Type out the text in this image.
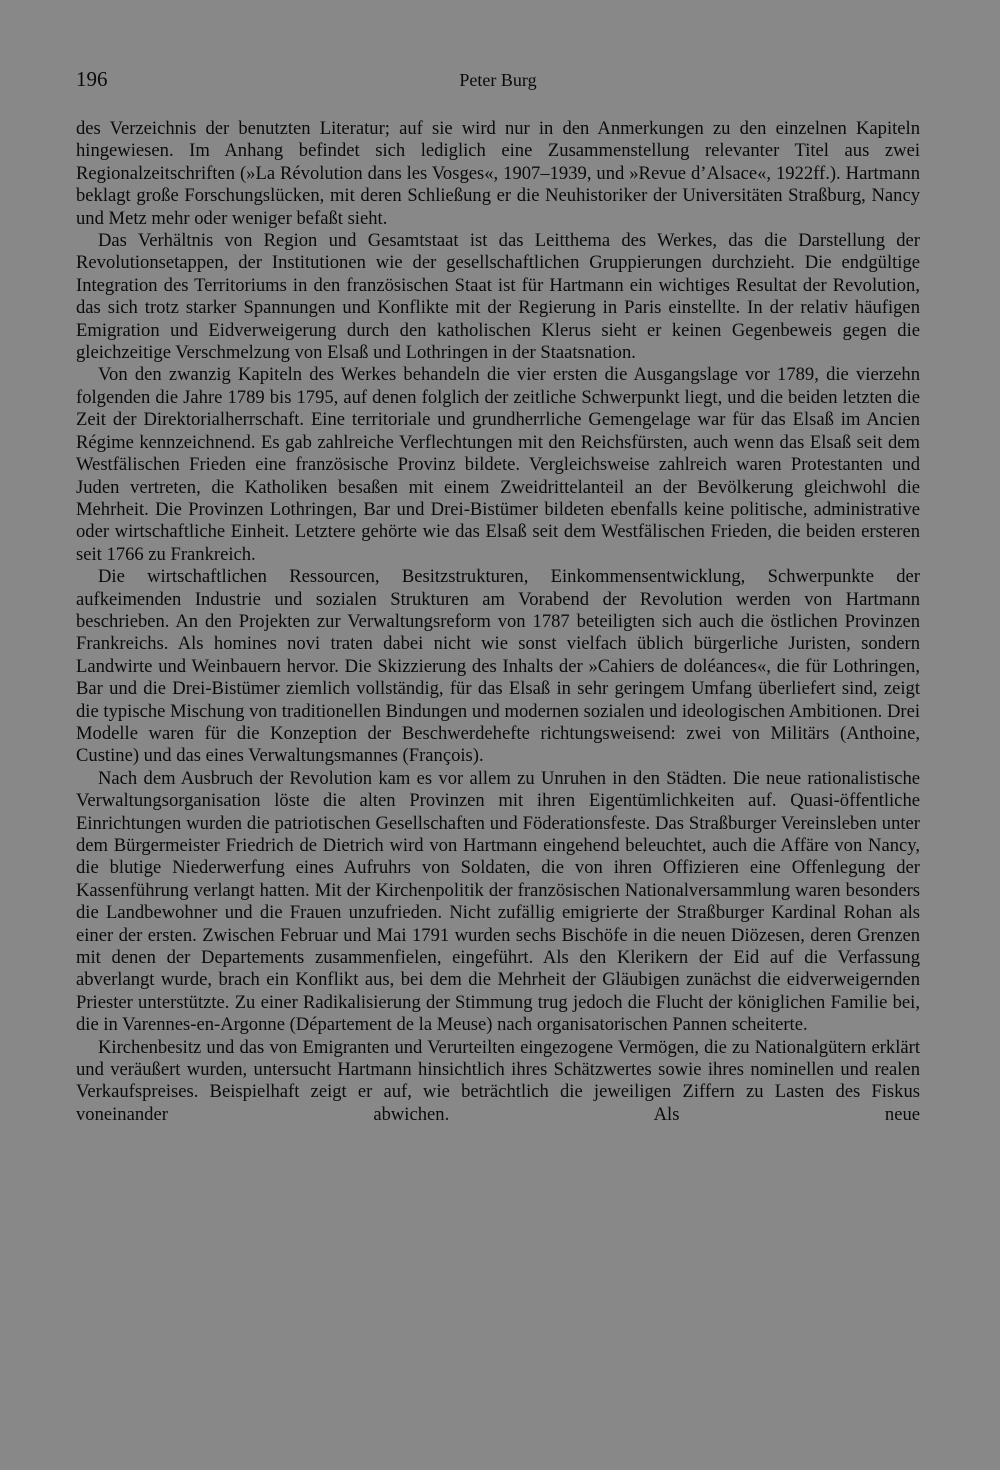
196	Peter Burg

des Verzeichnis der benutzten Literatur; auf sie wird nur in den Anmerkungen zu den einzelnen Kapiteln hingewiesen. Im Anhang befindet sich lediglich eine Zusammenstellung relevanter Titel aus zwei Regionalzeitschriften (»La Révolution dans les Vosges«, 1907–1939, und »Revue d’Alsace«, 1922ff.). Hartmann beklagt große Forschungslücken, mit deren Schließung er die Neuhistoriker der Universitäten Straßburg, Nancy und Metz mehr oder weniger befaßt sieht.

Das Verhältnis von Region und Gesamtstaat ist das Leitthema des Werkes, das die Darstellung der Revolutionsetappen, der Institutionen wie der gesellschaftlichen Gruppierungen durchzieht. Die endgültige Integration des Territoriums in den französischen Staat ist für Hartmann ein wichtiges Resultat der Revolution, das sich trotz starker Spannungen und Konflikte mit der Regierung in Paris einstellte. In der relativ häufigen Emigration und Eidverweigerung durch den katholischen Klerus sieht er keinen Gegenbeweis gegen die gleichzeitige Verschmelzung von Elsaß und Lothringen in der Staatsnation.

Von den zwanzig Kapiteln des Werkes behandeln die vier ersten die Ausgangslage vor 1789, die vierzehn folgenden die Jahre 1789 bis 1795, auf denen folglich der zeitliche Schwerpunkt liegt, und die beiden letzten die Zeit der Direktorialherrschaft. Eine territoriale und grundherrliche Gemengelage war für das Elsaß im Ancien Régime kennzeichnend. Es gab zahlreiche Verflechtungen mit den Reichsfürsten, auch wenn das Elsaß seit dem Westfälischen Frieden eine französische Provinz bildete. Vergleichsweise zahlreich waren Protestanten und Juden vertreten, die Katholiken besaßen mit einem Zweidrittelanteil an der Bevölkerung gleichwohl die Mehrheit. Die Provinzen Lothringen, Bar und Drei-Bistümer bildeten ebenfalls keine politische, administrative oder wirtschaftliche Einheit. Letztere gehörte wie das Elsaß seit dem Westfälischen Frieden, die beiden ersteren seit 1766 zu Frankreich.

Die wirtschaftlichen Ressourcen, Besitzstrukturen, Einkommensentwicklung, Schwerpunkte der aufkeimenden Industrie und sozialen Strukturen am Vorabend der Revolution werden von Hartmann beschrieben. An den Projekten zur Verwaltungsreform von 1787 beteiligten sich auch die östlichen Provinzen Frankreichs. Als homines novi traten dabei nicht wie sonst vielfach üblich bürgerliche Juristen, sondern Landwirte und Weinbauern hervor. Die Skizzierung des Inhalts der »Cahiers de doléances«, die für Lothringen, Bar und die Drei-Bistümer ziemlich vollständig, für das Elsaß in sehr geringem Umfang überliefert sind, zeigt die typische Mischung von traditionellen Bindungen und modernen sozialen und ideologischen Ambitionen. Drei Modelle waren für die Konzeption der Beschwerdehefte richtungsweisend: zwei von Militärs (Anthoine, Custine) und das eines Verwaltungsmannes (François).

Nach dem Ausbruch der Revolution kam es vor allem zu Unruhen in den Städten. Die neue rationalistische Verwaltungsorganisation löste die alten Provinzen mit ihren Eigentümlichkeiten auf. Quasi-öffentliche Einrichtungen wurden die patriotischen Gesellschaften und Föderationsfeste. Das Straßburger Vereinsleben unter dem Bürgermeister Friedrich de Dietrich wird von Hartmann eingehend beleuchtet, auch die Affäre von Nancy, die blutige Niederwerfung eines Aufruhrs von Soldaten, die von ihren Offizieren eine Offenlegung der Kassenführung verlangt hatten. Mit der Kirchenpolitik der französischen Nationalversammlung waren besonders die Landbewohner und die Frauen unzufrieden. Nicht zufällig emigrierte der Straßburger Kardinal Rohan als einer der ersten. Zwischen Februar und Mai 1791 wurden sechs Bischöfe in die neuen Diözesen, deren Grenzen mit denen der Departements zusammenfielen, eingeführt. Als den Klerikern der Eid auf die Verfassung abverlangt wurde, brach ein Konflikt aus, bei dem die Mehrheit der Gläubigen zunächst die eidverweigernden Priester unterstützte. Zu einer Radikalisierung der Stimmung trug jedoch die Flucht der königlichen Familie bei, die in Varennes-en-Argonne (Département de la Meuse) nach organisatorischen Pannen scheiterte.

Kirchenbesitz und das von Emigranten und Verurteilten eingezogene Vermögen, die zu Nationalgütern erklärt und veräußert wurden, untersucht Hartmann hinsichtlich ihres Schätzwertes sowie ihres nominellen und realen Verkaufspreises. Beispielhaft zeigt er auf, wie beträchtlich die jeweiligen Ziffern zu Lasten des Fiskus voneinander abwichen. Als neue
